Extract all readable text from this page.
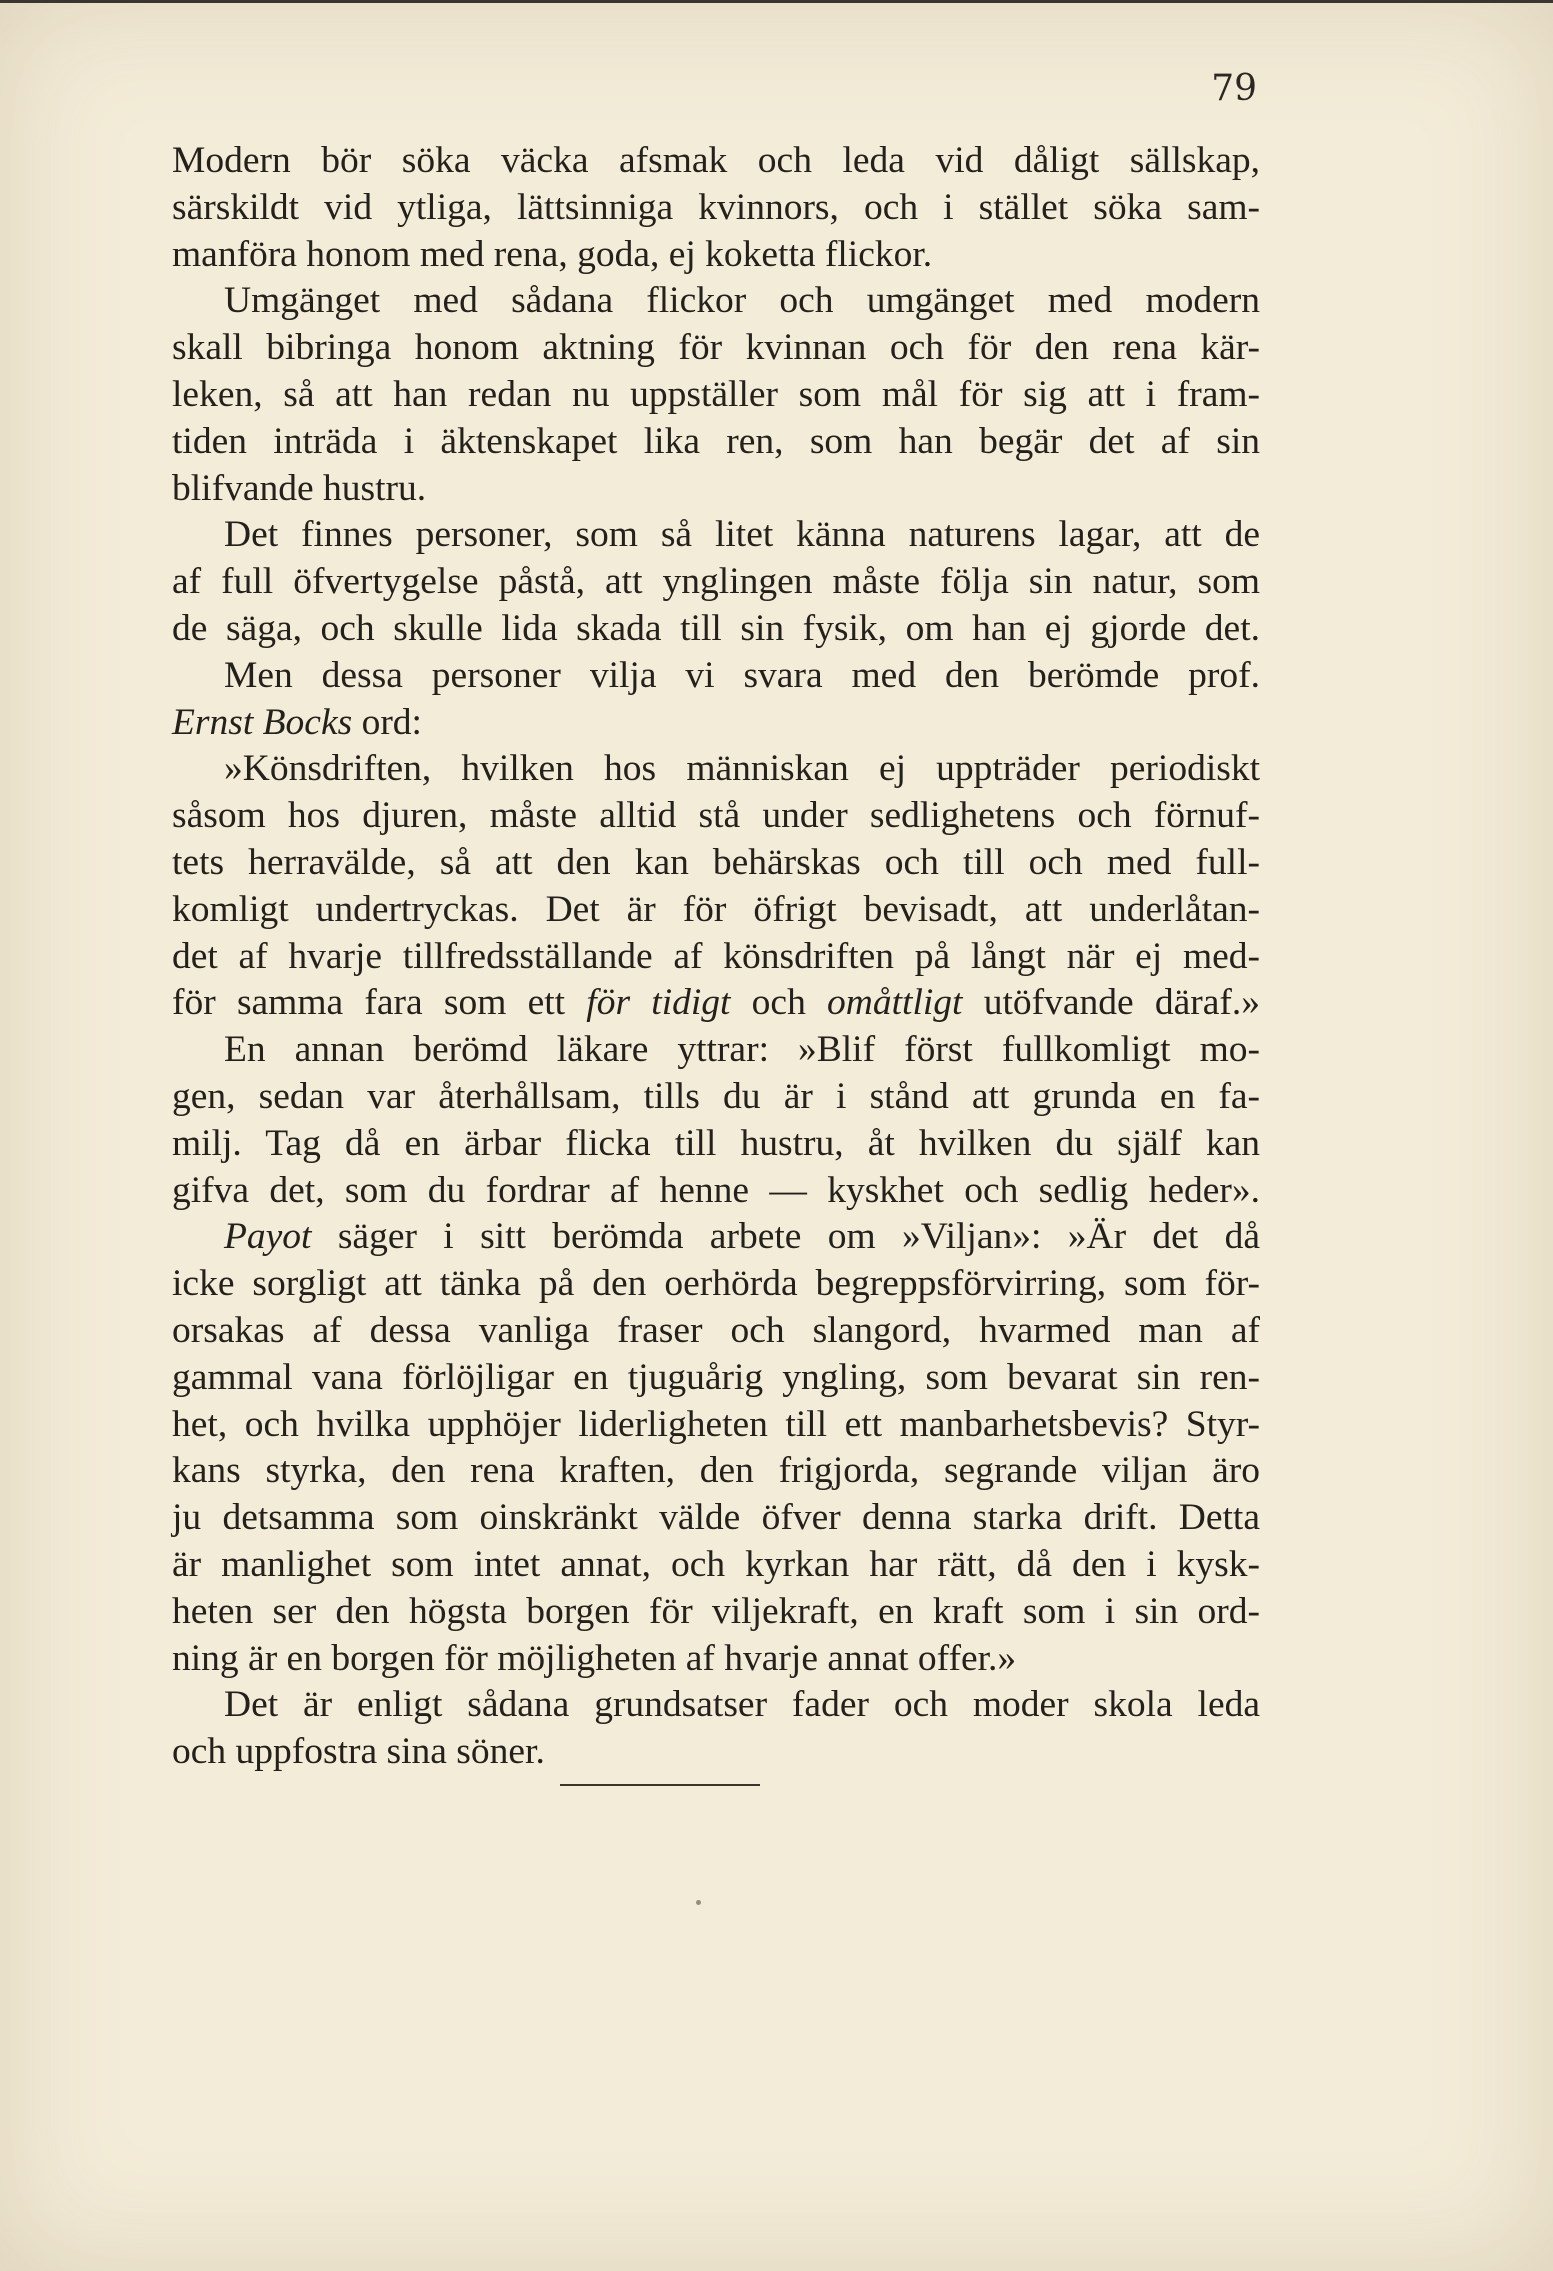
79
Modern bör söka väcka afsmak och leda vid dåligt sällskap,
särskildt vid ytliga, lättsinniga kvinnors, och i stället söka sam-
manföra honom med rena, goda, ej koketta flickor.
Umgänget med sådana flickor och umgänget med modern
skall bibringa honom aktning för kvinnan och för den rena kär-
leken, så att han redan nu uppställer som mål för sig att i fram-
tiden inträda i äktenskapet lika ren, som han begär det af sin
blifvande hustru.
Det finnes personer, som så litet känna naturens lagar, att de
af full öfvertygelse påstå, att ynglingen måste följa sin natur, som
de säga, och skulle lida skada till sin fysik, om han ej gjorde det.
Men dessa personer vilja vi svara med den berömde prof.
Ernst Bocks ord:
»Könsdriften, hvilken hos människan ej uppträder periodiskt
såsom hos djuren, måste alltid stå under sedlighetens och förnuf-
tets herravälde, så att den kan behärskas och till och med full-
komligt undertryckas. Det är för öfrigt bevisadt, att underlåtan-
det af hvarje tillfredsställande af könsdriften på långt när ej med-
för samma fara som ett för tidigt och omåttligt utöfvande däraf.»
En annan berömd läkare yttrar: »Blif först fullkomligt mo-
gen, sedan var återhållsam, tills du är i stånd att grunda en fa-
milj. Tag då en ärbar flicka till hustru, åt hvilken du själf kan
gifva det, som du fordrar af henne — kyskhet och sedlig heder».
Payot säger i sitt berömda arbete om »Viljan»: »Är det då
icke sorgligt att tänka på den oerhörda begreppsförvirring, som för-
orsakas af dessa vanliga fraser och slangord, hvarmed man af
gammal vana förlöjligar en tjuguårig yngling, som bevarat sin ren-
het, och hvilka upphöjer liderligheten till ett manbarhetsbevis? Styr-
kans styrka, den rena kraften, den frigjorda, segrande viljan äro
ju detsamma som oinskränkt välde öfver denna starka drift. Detta
är manlighet som intet annat, och kyrkan har rätt, då den i kysk-
heten ser den högsta borgen för viljekraft, en kraft som i sin ord-
ning är en borgen för möjligheten af hvarje annat offer.»
Det är enligt sådana grundsatser fader och moder skola leda
och uppfostra sina söner.
